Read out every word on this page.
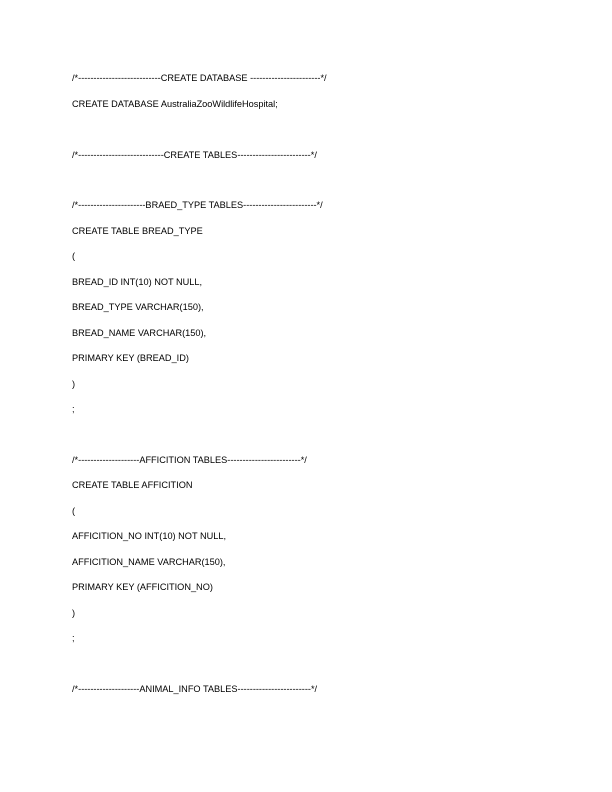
/*---------------------------CREATE DATABASE -----------------------*/
CREATE DATABASE AustraliaZooWildlifeHospital;
/*----------------------------CREATE TABLES------------------------*/
/*----------------------BRAED_TYPE TABLES------------------------*/
CREATE TABLE BREAD_TYPE
(
BREAD_ID INT(10) NOT NULL,
BREAD_TYPE VARCHAR(150),
BREAD_NAME VARCHAR(150),
PRIMARY KEY (BREAD_ID)
)
;
/*--------------------AFFICITION TABLES------------------------*/
CREATE TABLE AFFICITION
(
AFFICITION_NO INT(10) NOT NULL,
AFFICITION_NAME VARCHAR(150),
PRIMARY KEY (AFFICITION_NO)
)
;
/*--------------------ANIMAL_INFO TABLES------------------------*/
